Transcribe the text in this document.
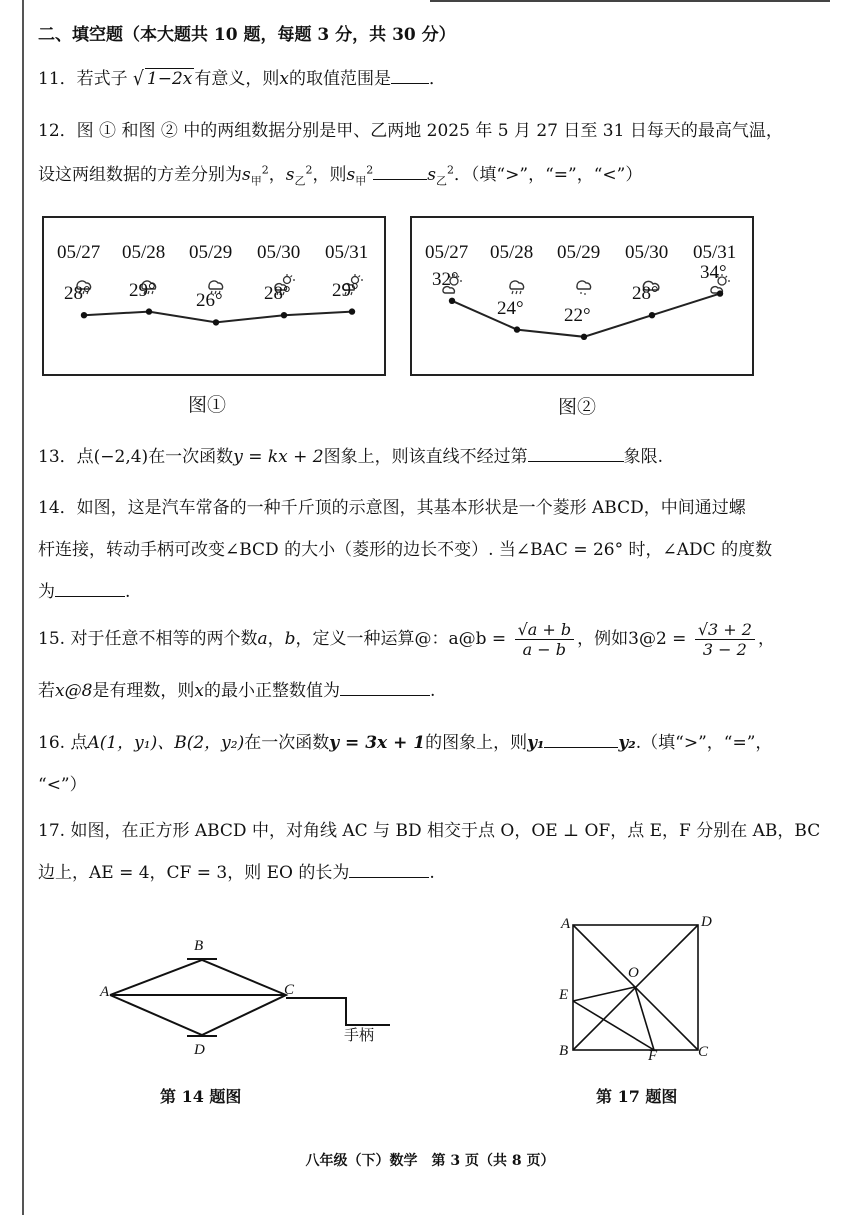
二、填空题（本大题共 10 题，每题 3 分，共 30 分）
11．若式子 √ 1−2x 有意义，则x的取值范围是 ．
12．图 ① 和图 ② 中的两组数据分别是甲、乙两地 2025 年 5 月 27 日至 31 日每天的最高气温，
设这两组数据的方差分别为$s_甲^2$，$s_乙^2$，则$s_甲^2$	$s_乙^2$．（填“>”，“=”，“<”）
05/27 05/28 05/29 05/30 05/31
28° 29°
26° 28° 29°
05/27 05/28 05/29 05/30 05/31
32°
24° 22°
28°
34°
图①	图②
13．点(−2,4)在一次函数y = kx + 2图象上，则该直线不经过第	象限.
14．如图，这是汽车常备的一种千斤顶的示意图，其基本形状是一个菱形 ABCD，中间通过螺
杆连接，转动手柄可改变∠BCD 的大小（菱形的边长不变）. 当∠BAC = 26° 时，∠ADC 的度数
为	.
15. 对于任意不相等的两个数a，b，定义一种运算@：a@b = $\frac{√a + b}{a - b}$ ，例如3@2 = $\frac{√3 + 2}{3 - 2}$ ，
若x@8是有理数，则x的最小正整数值为	.
16. 点A(1，y₁)、B(2，y₂)在一次函数y = 3x + 1的图象上，则y₁	y₂.（填“>”，“=”，
“<”）
17. 如图，在正方形 ABCD 中，对角线 AC 与 BD 相交于点 O，OE ⊥ OF，点 E，F 分别在 AB，BC
边上，AE = 4，CF = 3，则 EO 的长为	.
B
A	C
D
手柄
第 14 题图
A	D
O
E
B	F	C
第 17 题图
八年级（下）数学　第 3 页（共 8 页）
